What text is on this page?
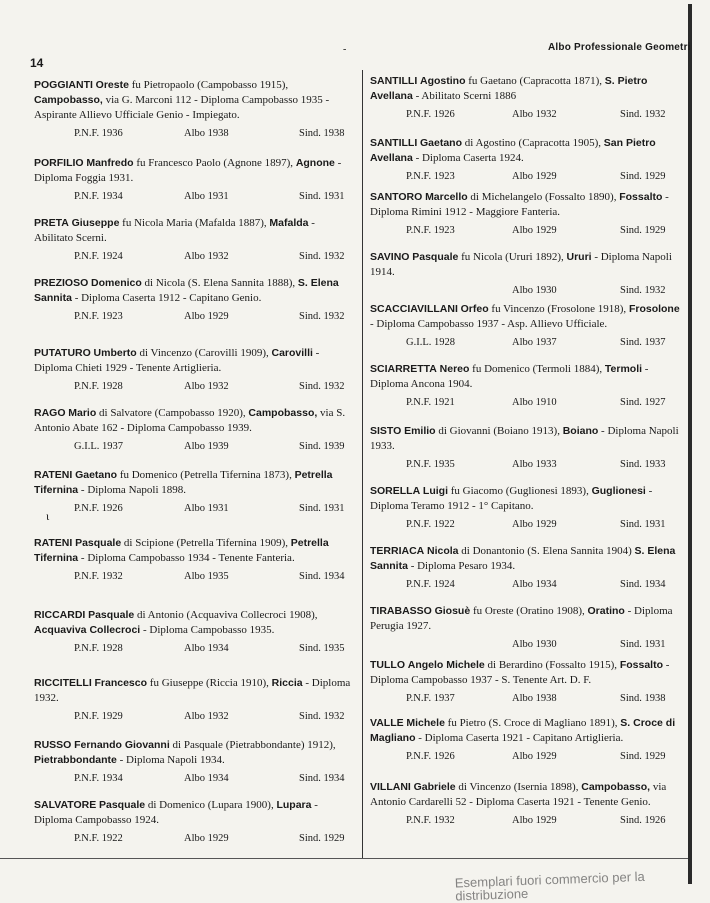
14
-	Albo Professionale Geometri
ι
POGGIANTI Oreste fu Pietropaolo (Campobasso 1915), Campobasso, via G. Marconi 112 - Diploma Campobasso 1935 - Aspirante Allievo Ufficiale Genio - Impiegato.
P.N.F. 1936	Albo 1938	Sind. 1938
PORFILIO Manfredo fu Francesco Paolo (Agnone 1897), Agnone - Diploma Foggia 1931.
P.N.F. 1934	Albo 1931	Sind. 1931
PRETA Giuseppe fu Nicola Maria (Mafalda 1887), Mafalda - Abilitato Scerni.
P.N.F. 1924	Albo 1932	Sind. 1932
PREZIOSO Domenico di Nicola (S. Elena Sannita 1888), S. Elena Sannita - Diploma Caserta 1912 - Capitano Genio.
P.N.F. 1923	Albo 1929	Sind. 1932
PUTATURO Umberto di Vincenzo (Carovilli 1909), Carovilli - Diploma Chieti 1929 - Tenente Artiglieria.
P.N.F. 1928	Albo 1932	Sind. 1932
RAGO Mario di Salvatore (Campobasso 1920), Campobasso, via S. Antonio Abate 162 - Diploma Campobasso 1939.
G.I.L. 1937	Albo 1939	Sind. 1939
RATENI Gaetano fu Domenico (Petrella Tifernina 1873), Petrella Tifernina - Diploma Napoli 1898.
P.N.F. 1926	Albo 1931	Sind. 1931
RATENI Pasquale di Scipione (Petrella Tifernina 1909), Petrella Tifernina - Diploma Campobasso 1934 - Tenente Fanteria.
P.N.F. 1932	Albo 1935	Sind. 1934
RICCARDI Pasquale di Antonio (Acquaviva Collecroci 1908), Acquaviva Collecroci - Diploma Campobasso 1935.
P.N.F. 1928	Albo 1934	Sind. 1935
RICCITELLI Francesco fu Giuseppe (Riccia 1910), Riccia - Diploma 1932.
P.N.F. 1929	Albo 1932	Sind. 1932
RUSSO Fernando Giovanni di Pasquale (Pietrabbondante) 1912), Pietrabbondante - Diploma Napoli 1934.
P.N.F. 1934	Albo 1934	Sind. 1934
SALVATORE Pasquale di Domenico (Lupara 1900), Lupara - Diploma Campobasso 1924.
P.N.F. 1922	Albo 1929	Sind. 1929
SANTILLI Agostino fu Gaetano (Capracotta 1871), S. Pietro Avellana - Abilitato Scerni 1886
P.N.F. 1926	Albo 1932	Sind. 1932
SANTILLI Gaetano di Agostino (Capracotta 1905), San Pietro Avellana - Diploma Caserta 1924.
P.N.F. 1923	Albo 1929	Sind. 1929
SANTORO Marcello di Michelangelo (Fossalto 1890), Fossalto - Diploma Rimini 1912 - Maggiore Fanteria.
P.N.F. 1923	Albo 1929	Sind. 1929
SAVINO Pasquale fu Nicola (Ururi 1892), Ururi - Diploma Napoli 1914.
Albo 1930	Sind. 1932
SCACCIAVILLANI Orfeo fu Vincenzo (Frosolone 1918), Frosolone - Diploma Campobasso 1937 - Asp. Allievo Ufficiale.
G.I.L. 1928	Albo 1937	Sind. 1937
SCIARRETTA Nereo fu Domenico (Termoli 1884), Termoli - Diploma Ancona 1904.
P.N.F. 1921	Albo 1910	Sind. 1927
SISTO Emilio di Giovanni (Boiano 1913), Boiano - Diploma Napoli 1933.
P.N.F. 1935	Albo 1933	Sind. 1933
SORELLA Luigi fu Giacomo (Guglionesi 1893), Guglionesi - Diploma Teramo 1912 - 1° Capitano.
P.N.F. 1922	Albo 1929	Sind. 1931
TERRIACA Nicola di Donantonio (S. Elena Sannita 1904) S. Elena Sannita - Diploma Pesaro 1934.
P.N.F. 1924	Albo 1934	Sind. 1934
TIRABASSO Giosuè fu Oreste (Oratino 1908), Oratino - Diploma Perugia 1927.
Albo 1930	Sind. 1931
TULLO Angelo Michele di Berardino (Fossalto 1915), Fossalto - Diploma Campobasso 1937 - S. Tenente Art. D. F.
P.N.F. 1937	Albo 1938	Sind. 1938
VALLE Michele fu Pietro (S. Croce di Magliano 1891), S. Croce di Magliano - Diploma Caserta 1921 - Capitano Artiglieria.
P.N.F. 1926	Albo 1929	Sind. 1929
VILLANI Gabriele di Vincenzo (Isernia 1898), Campobasso, via Antonio Cardarelli 52 - Diploma Caserta 1921 - Tenente Genio.
P.N.F. 1932	Albo 1929	Sind. 1926
Esemplari fuori commercio per la distribuzione
